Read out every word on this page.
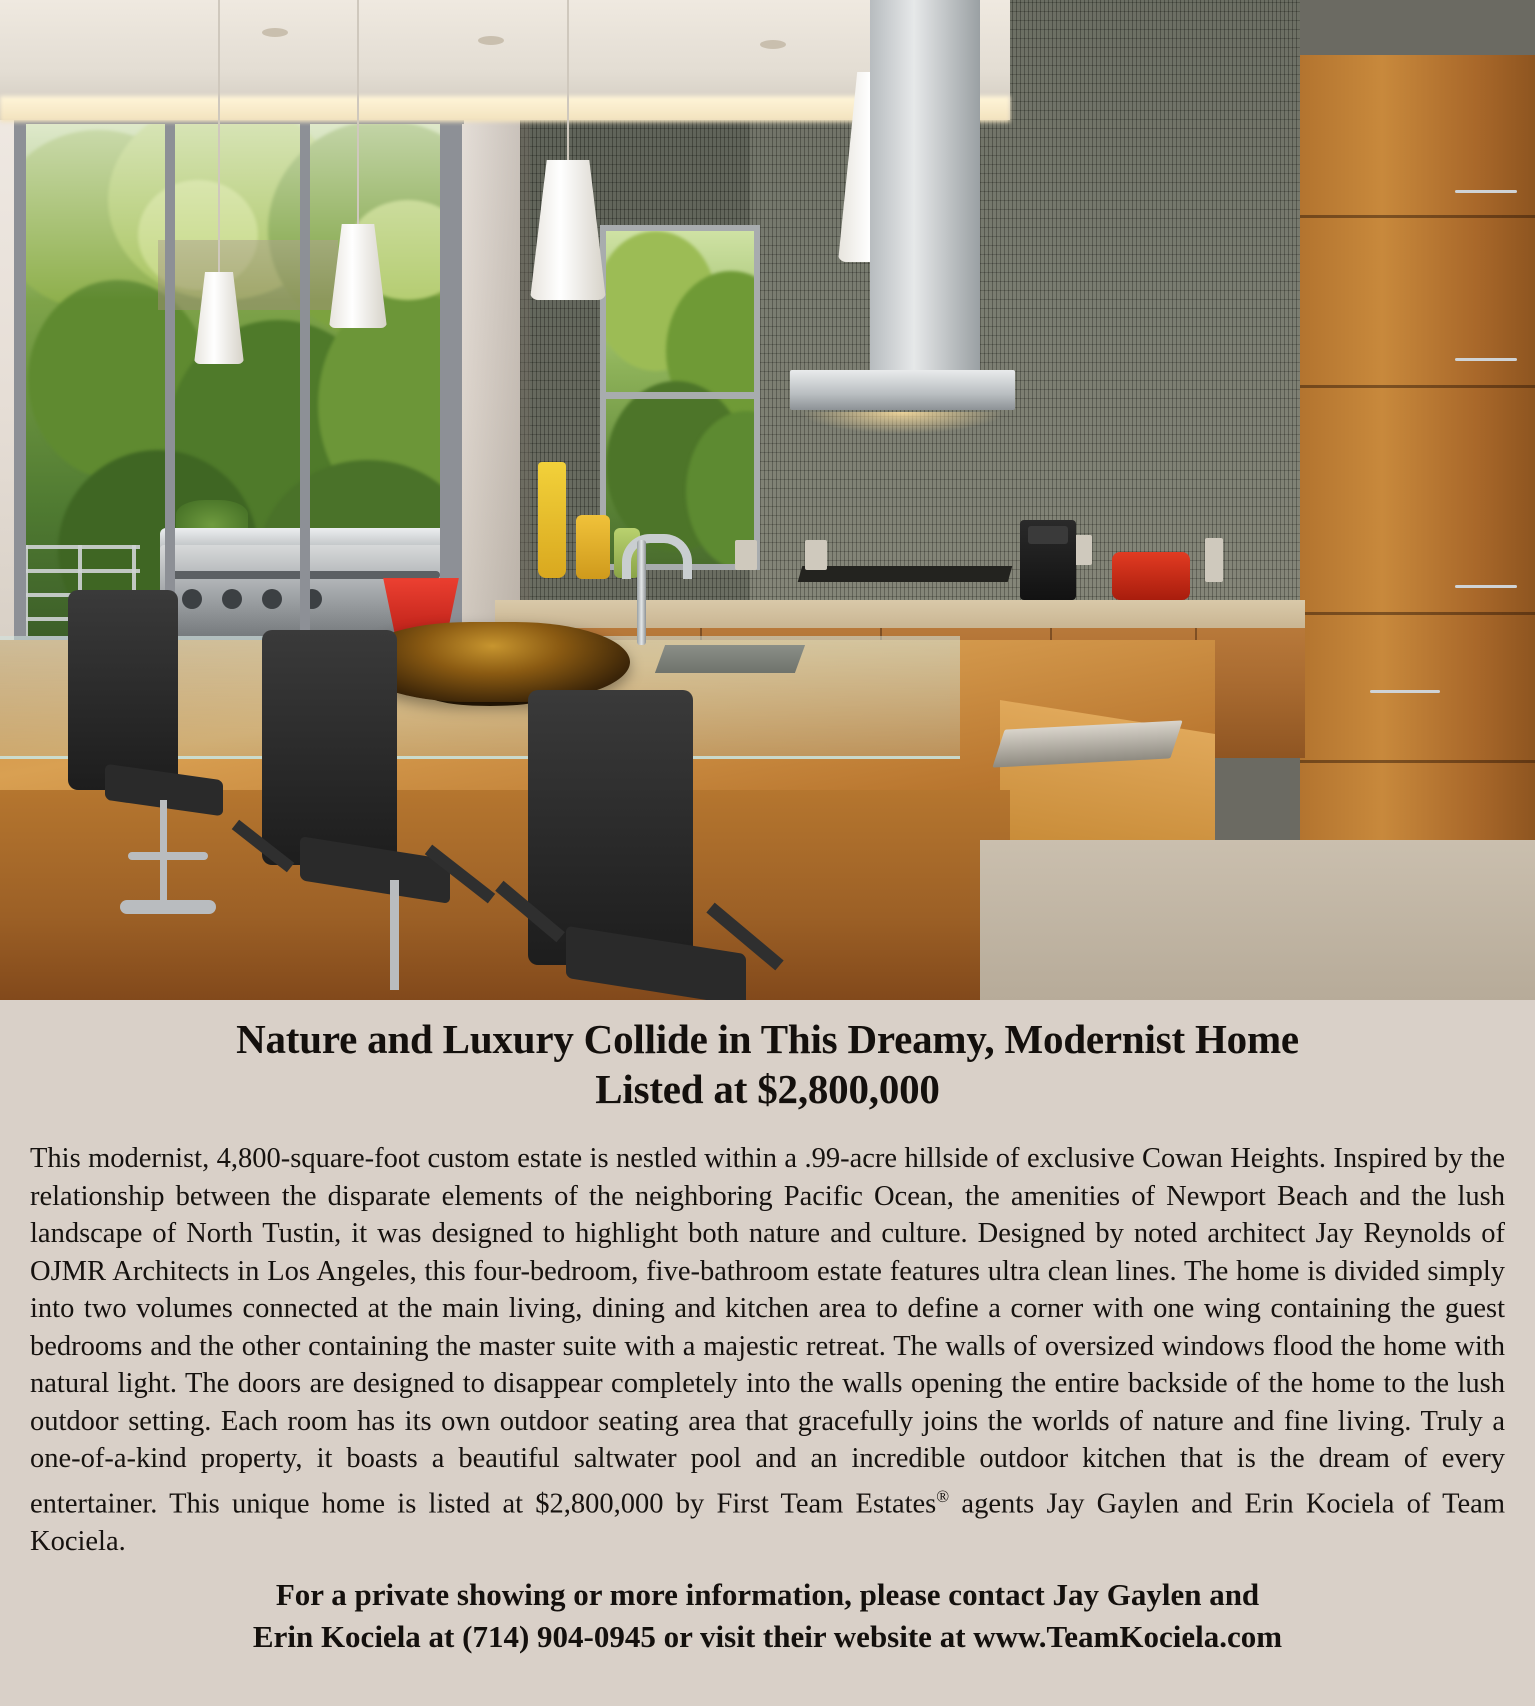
Nature and Luxury Collide in This Dreamy, Modernist Home
Listed at $2,800,000

This modernist, 4,800-square-foot custom estate is nestled within a .99-acre hillside of exclusive Cowan Heights. Inspired by the relationship between the disparate elements of the neighboring Pacific Ocean, the amenities of Newport Beach and the lush landscape of North Tustin, it was designed to highlight both nature and culture. Designed by noted architect Jay Reynolds of OJMR Architects in Los Angeles, this four-bedroom, five-bathroom estate features ultra clean lines. The home is divided simply into two volumes connected at the main living, dining and kitchen area to define a corner with one wing containing the guest bedrooms and the other containing the master suite with a majestic retreat. The walls of oversized windows flood the home with natural light. The doors are designed to disappear completely into the walls opening the entire backside of the home to the lush outdoor setting. Each room has its own outdoor seating area that gracefully joins the worlds of nature and fine living. Truly a one-of-a-kind property, it boasts a beautiful saltwater pool and an incredible outdoor kitchen that is the dream of every entertainer. This unique home is listed at $2,800,000 by First Team Estates® agents Jay Gaylen and Erin Kociela of Team Kociela.

For a private showing or more information, please contact Jay Gaylen and
Erin Kociela at (714) 904-0945 or visit their website at www.TeamKociela.com
